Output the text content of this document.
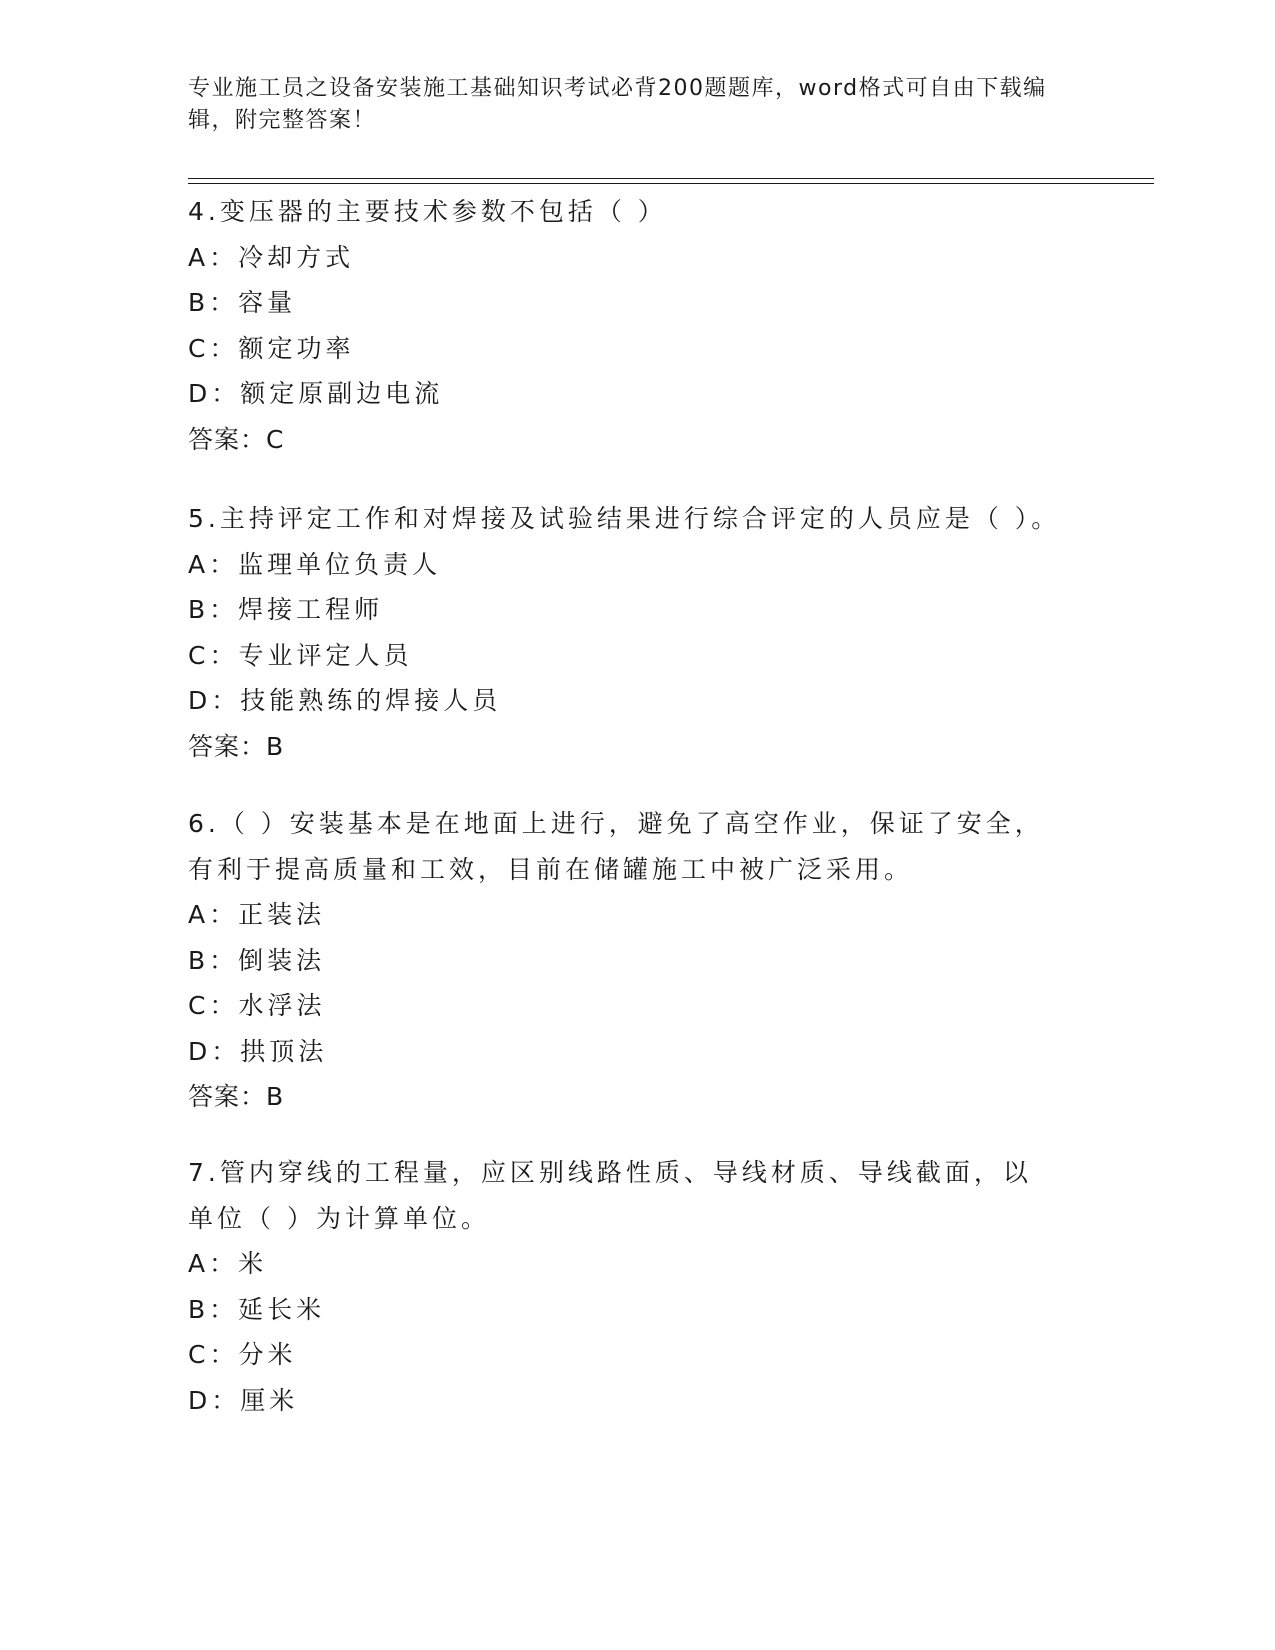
专业施工员之设备安装施工基础知识考试必背200题题库，word格式可自由下载编辑，附完整答案！
4.变压器的主要技术参数不包括（ ）
A：冷却方式
B：容量
C：额定功率
D：额定原副边电流
答案：C
5.主持评定工作和对焊接及试验结果进行综合评定的人员应是（ ）。
A：监理单位负责人
B：焊接工程师
C：专业评定人员
D：技能熟练的焊接人员
答案：B
6.（ ）安装基本是在地面上进行，避免了高空作业，保证了安全，有利于提高质量和工效，目前在储罐施工中被广泛采用。
A：正装法
B：倒装法
C：水浮法
D：拱顶法
答案：B
7.管内穿线的工程量，应区别线路性质、导线材质、导线截面，以单位（ ）为计算单位。
A：米
B：延长米
C：分米
D：厘米
